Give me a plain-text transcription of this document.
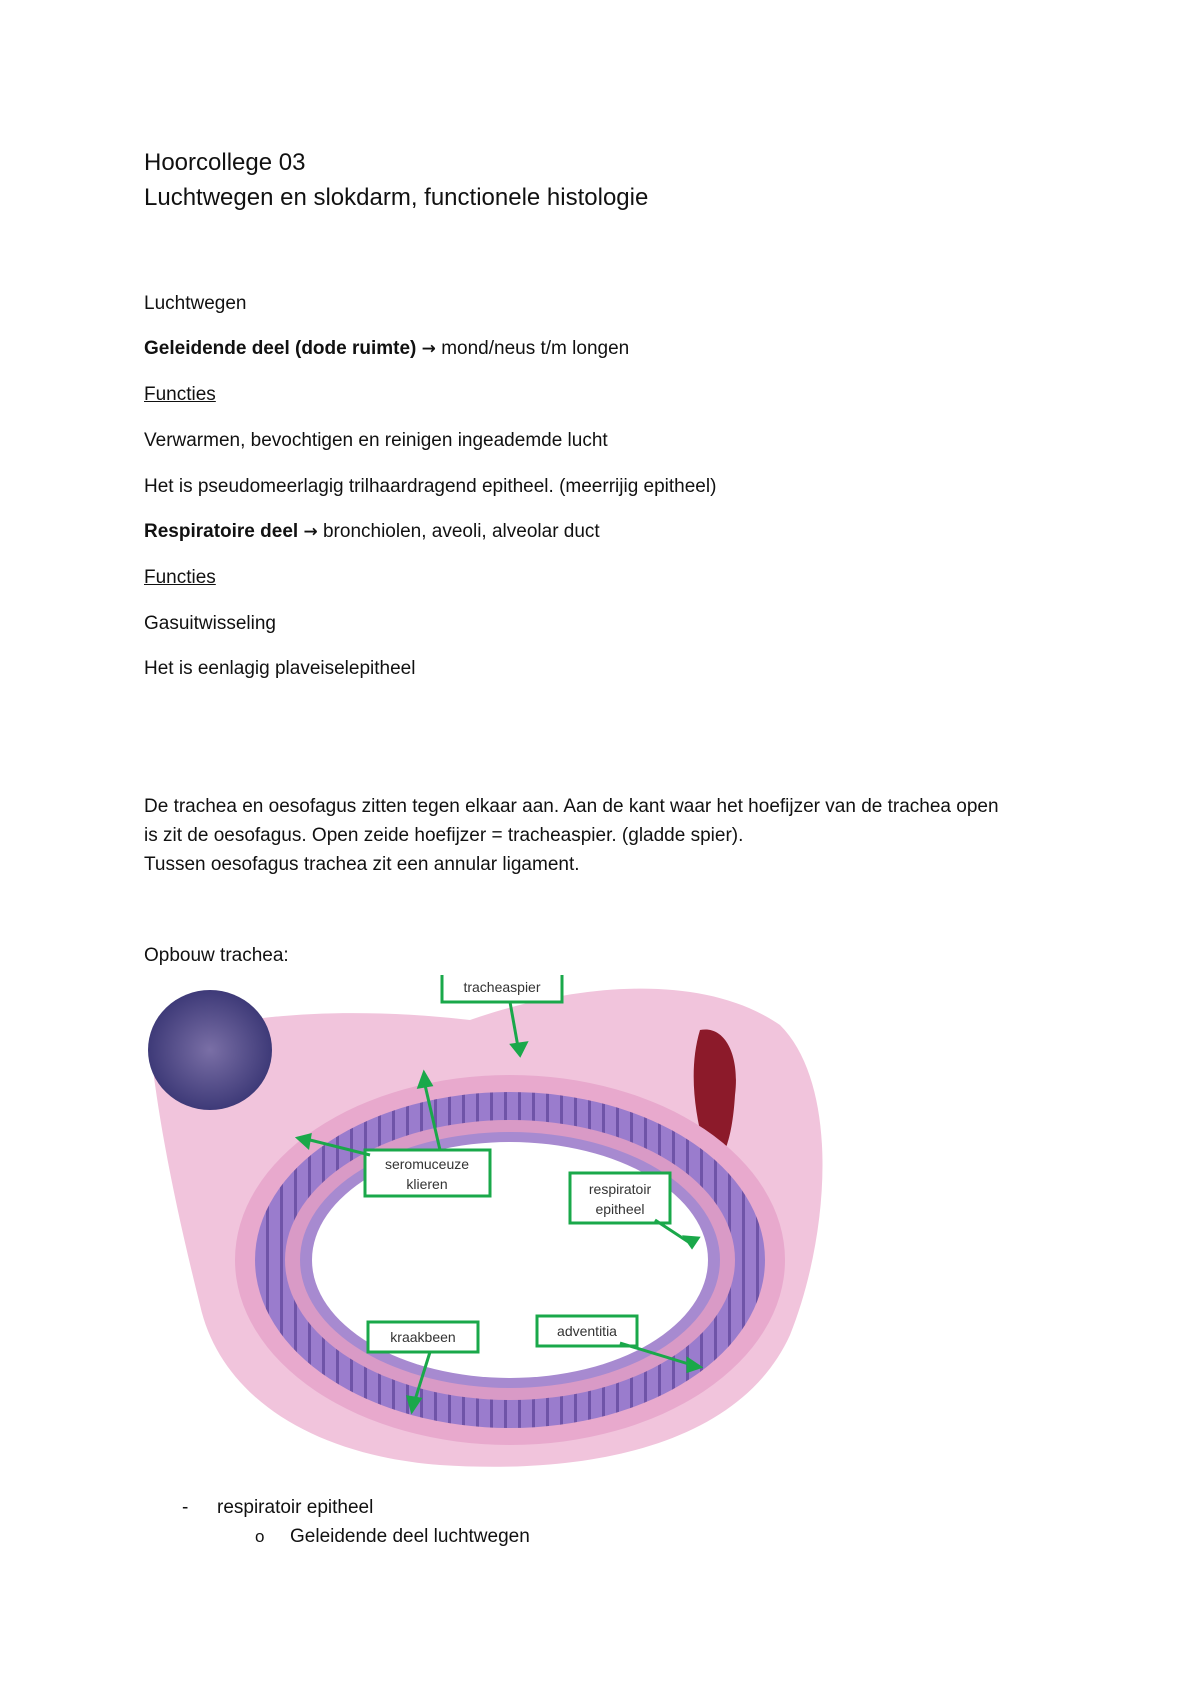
Hoorcollege 03
Luchtwegen en slokdarm, functionele histologie
Luchtwegen
Geleidende deel (dode ruimte) → mond/neus t/m longen
Functies
Verwarmen, bevochtigen en reinigen ingeademde lucht
Het is pseudomeerlagig trilhaardragend epitheel. (meerrijig epitheel)
Respiratoire deel → bronchiolen, aveoli, alveolar duct
Functies
Gasuitwisseling
Het is eenlagig plaveiselepitheel
De trachea en oesofagus zitten tegen elkaar aan. Aan de kant waar het hoefijzer van de trachea open
is zit de oesofagus. Open zeide hoefijzer = tracheaspier. (gladde spier).
Tussen oesofagus trachea zit een annular ligament.
Opbouw trachea:
tracheaspier
seromuceuze
klieren	respiratoir
epitheel
kraakbeen	adventitia
- respiratoir epitheel
o Geleidende deel luchtwegen
